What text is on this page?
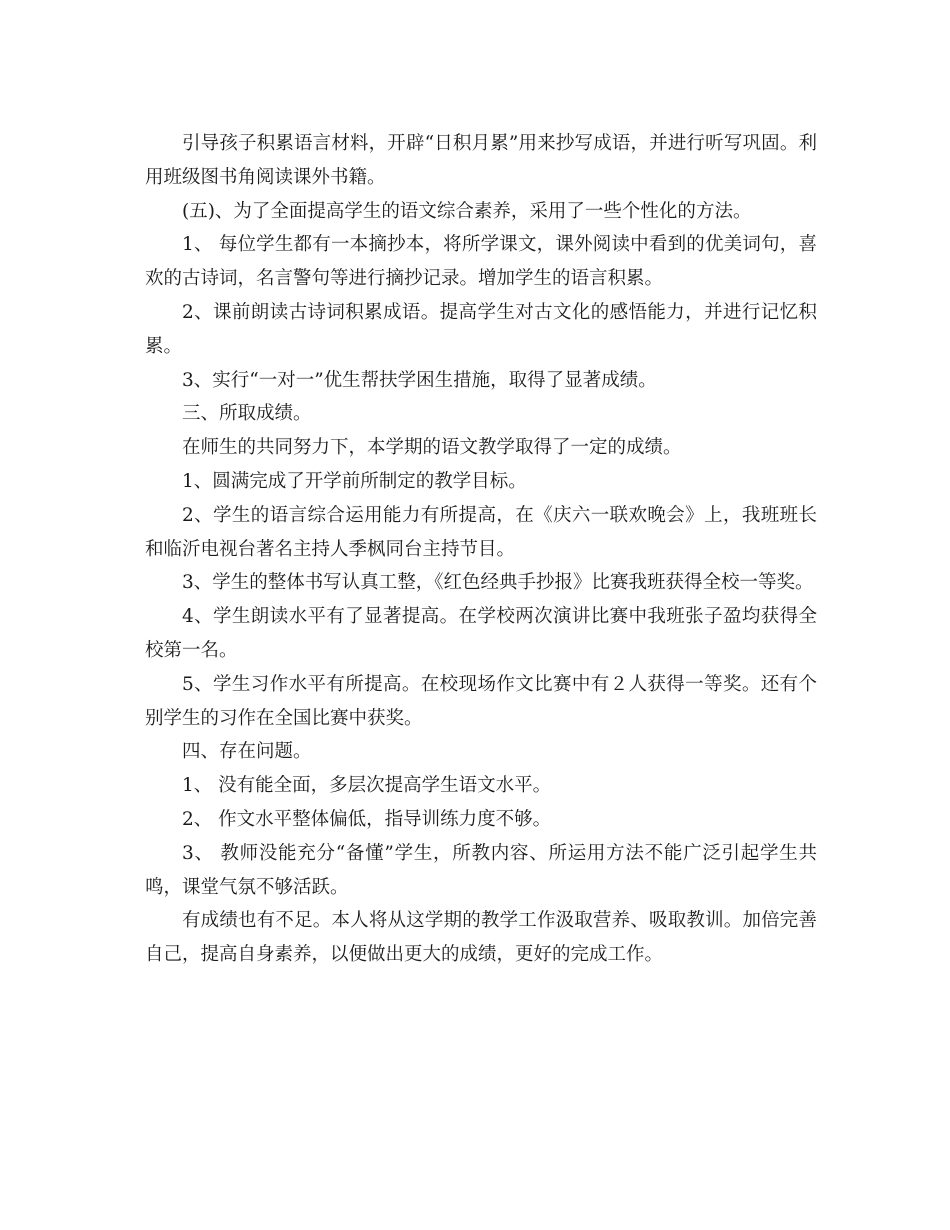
引导孩子积累语言材料，开辟“日积月累”用来抄写成语，并进行听写巩固。利用班级图书角阅读课外书籍。

(五)、为了全面提高学生的语文综合素养，采用了一些个性化的方法。

1、 每位学生都有一本摘抄本，将所学课文，课外阅读中看到的优美词句，喜欢的古诗词，名言警句等进行摘抄记录。增加学生的语言积累。

2、课前朗读古诗词积累成语。提高学生对古文化的感悟能力，并进行记忆积累。

3、实行“一对一”优生帮扶学困生措施，取得了显著成绩。

三、所取成绩。

在师生的共同努力下，本学期的语文教学取得了一定的成绩。

1、圆满完成了开学前所制定的教学目标。

2、学生的语言综合运用能力有所提高，在《庆六一联欢晚会》上，我班班长和临沂电视台著名主持人季枫同台主持节目。

3、学生的整体书写认真工整，《红色经典手抄报》比赛我班获得全校一等奖。

4、学生朗读水平有了显著提高。在学校两次演讲比赛中我班张子盈均获得全校第一名。

5、学生习作水平有所提高。在校现场作文比赛中有２人获得一等奖。还有个别学生的习作在全国比赛中获奖。

四、存在问题。

1、 没有能全面，多层次提高学生语文水平。

2、 作文水平整体偏低，指导训练力度不够。

3、 教师没能充分“备懂”学生，所教内容、所运用方法不能广泛引起学生共鸣，课堂气氛不够活跃。

有成绩也有不足。本人将从这学期的教学工作汲取营养、吸取教训。加倍完善自己，提高自身素养，以便做出更大的成绩，更好的完成工作。
